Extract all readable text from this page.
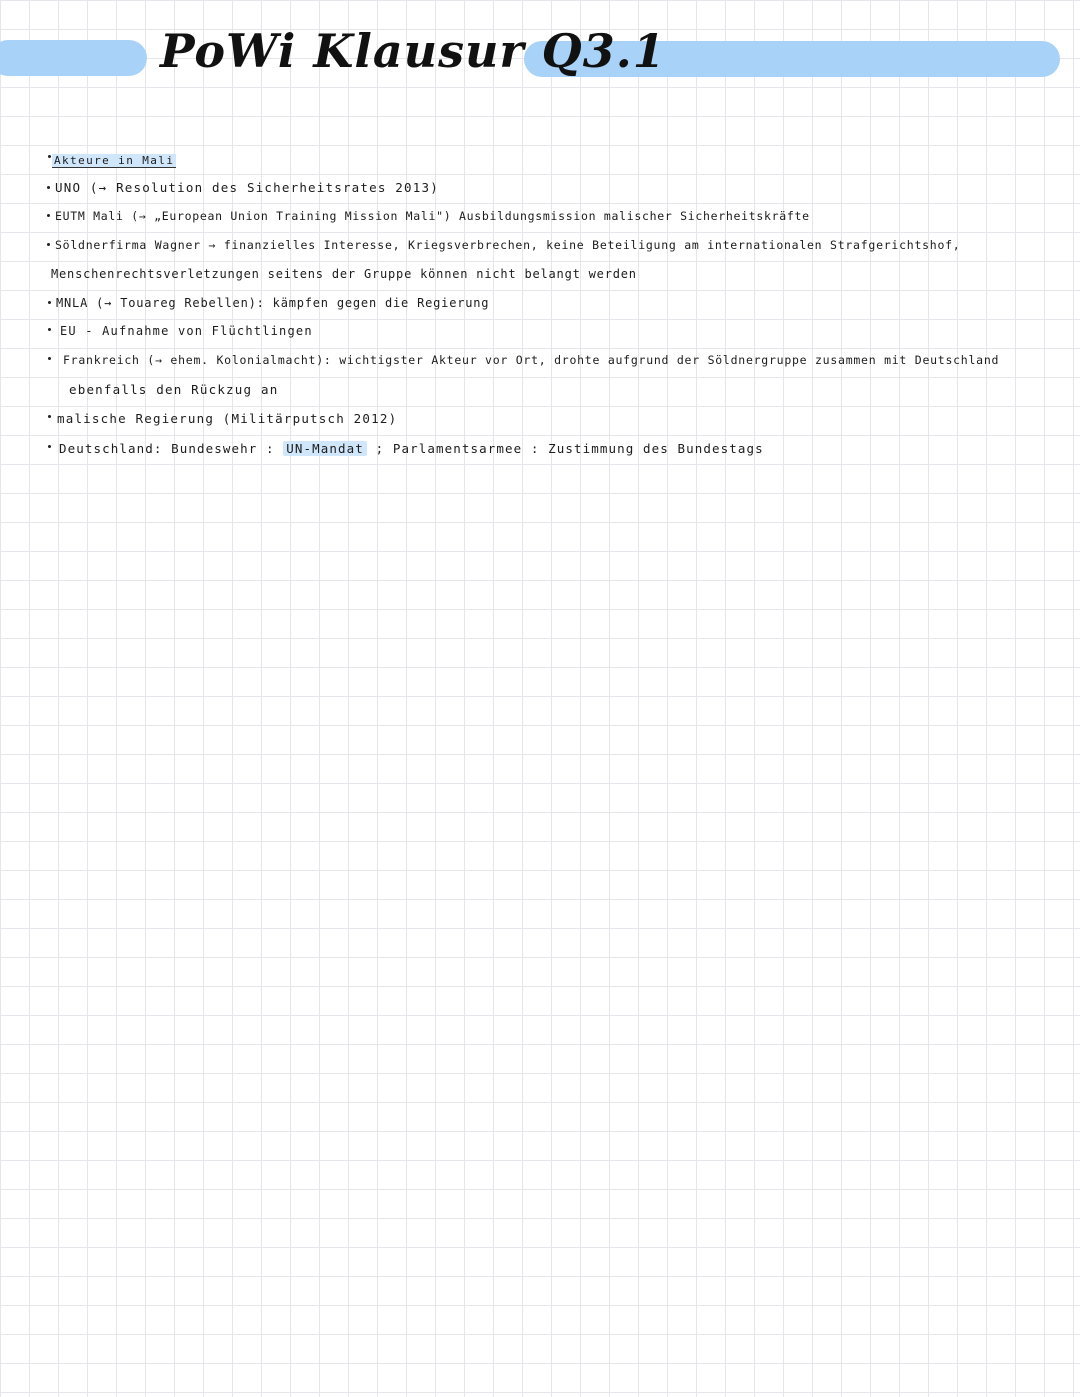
PoWi Klausur Q3.1
Akteure in Mali
UNO (→ Resolution des Sicherheitsrates 2013)
EUTM Mali (→ „European Union Training Mission Mali") Ausbildungsmission malischer Sicherheitskräfte
Söldnerfirma Wagner → finanzielles Interesse, Kriegsverbrechen, keine Beteiligung am internationalen Strafgerichtshof,
Menschenrechtsverletzungen seitens der Gruppe können nicht belangt werden
MNLA (→ Touareg Rebellen): kämpfen gegen die Regierung
EU - Aufnahme von Flüchtlingen
Frankreich (→ ehem. Kolonialmacht): wichtigster Akteur vor Ort, drohte aufgrund der Söldnergruppe zusammen mit Deutschland
ebenfalls den Rückzug an
malische Regierung (Militärputsch 2012)
Deutschland: Bundeswehr : UN-Mandat ; Parlamentsarmee : Zustimmung des Bundestags
